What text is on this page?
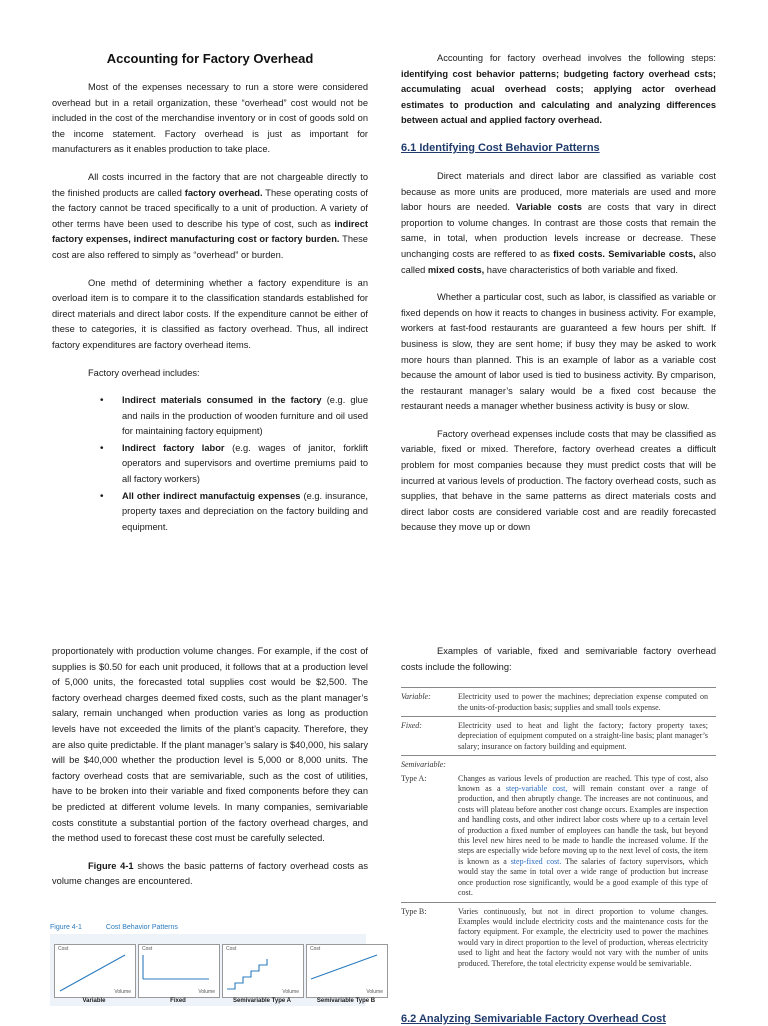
Accounting for Factory Overhead

Most of the expenses necessary to run a store were considered overhead but in a retail organization, these “overhead” cost would not be included in the cost of the merchandise inventory or in cost of goods sold on the income statement. Factory overhead is just as important for manufacturers as it enables production to take place.

All costs incurred in the factory that are not chargeable directly to the finished products are called factory overhead. These operating costs of the factory cannot be traced specifically to a unit of production. A variety of other terms have been used to describe his type of cost, such as indirect factory expenses, indirect manufacturing cost or factory burden. These cost are also reffered to simply as “overhead” or burden.

One methd of determining whether a factory expenditure is an overload item is to compare it to the classification standards established for direct materials and direct labor costs. If the expenditure cannot be either of these to categories, it is classified as factory overhead. Thus, all indirect factory expenditures are factory overhead items.

Factory overhead includes:
• Indirect materials consumed in the factory (e.g. glue and nails in the production of wooden furniture and oil used for maintaining factory equipment)
• Indirect factory labor (e.g. wages of janitor, forklift operators and supervisors and overtime premiums paid to all factory workers)
• All other indirect manufactuig expenses (e.g. insurance, property taxes and depreciation on the factory building and equipment.

Accounting for factory overhead involves the following steps: identifying cost behavior patterns; budgeting factory overhead csts; accumulating acual overhead costs; applying actor overhead estimates to production and calculating and analyzing differences between actual and applied factory overhead.

6.1 Identifying Cost Behavior Patterns

Direct materials and direct labor are classified as variable cost because as more units are produced, more materials are used and more labor hours are needed. Variable costs are costs that vary in direct proportion to volume changes. In contrast are those costs that remain the same, in total, when production levels increase or decrease. These unchanging costs are reffered to as fixed costs. Semivariable costs, also called mixed costs, have characteristics of both variable and fixed.

Whether a particular cost, such as labor, is classified as variable or fixed depends on how it reacts to changes in business activity. For example, workers at fast-food restaurants are guaranteed a few hours per shift. If business is slow, they are sent home; if busy they may be asked to work more hours than planned. This is an example of labor as a variable cost because the amount of labor used is tied to business activity. By cmparison, the restaurant manager’s salary would be a fixed cost because the restaurant needs a manager whether business activity is busy or slow.

Factory overhead expenses include costs that may be classified as variable, fixed or mixed. Therefore, factory overhead creates a difficult problem for most companies because they must predict costs that will be incurred at various levels of production. The factory overhead costs, such as supplies, that behave in the same patterns as direct materials costs and direct labor costs are considered variable cost and are readily forecasted because they move up or down

proportionately with production volume changes. For example, if the cost of supplies is $0.50 for each unit produced, it follows that at a production level of 5,000 units, the forecasted total supplies cost would be $2,500. The factory overhead charges deemed fixed costs, such as the plant manager’s salary, remain unchanged when production varies as long as production levels have not exceeded the limits of the plant’s capacity. Therefore, they are also quite predictable. If the plant manager’s salary is $40,000, his salary will be $40,000 whether the production level is 5,000 or 8,000 units. The factory overhead costs that are semivariable, such as the cost of utilities, have to be broken into their variable and fixed components before they can be predicted at different volume levels. In many companies, semivariable costs constitute a substantial portion of the factory overhead charges, and the method used to forecast these cost must be carefully selected.

Figure 4-1 shows the basic patterns of factory overhead costs as volume changes are encountered.

Figure 4-1	Cost Behavior Patterns
Cost
Volume
Cost
Volume
Cost
Volume
Cost
Volume
Variable	Fixed	Semivariable Type A	Semivariable Type B

Examples of variable, fixed and semivariable factory overhead costs include the following:

Variable:	Electricity used to power the machines; depreciation expense computed on the units-of-production basis; supplies and small tools expense.
Fixed:	Electricity used to heat and light the factory; factory property taxes; depreciation of equipment computed on a straight-line basis; plant manager’s salary; insurance on factory building and equipment.
Semivariable:
Type A:	Changes as various levels of production are reached. This type of cost, also known as a step-variable cost, will remain constant over a range of production, and then abruptly change. The increases are not continuous, and costs will plateau before another cost change occurs. Examples are inspection and handling costs, and other indirect labor costs where up to a certain level of production a fixed number of employees can handle the task, but beyond this level new hires need to be made to handle the increased volume. If the steps are especially wide before moving up to the next level of costs, the item is known as a step-fixed cost. The salaries of factory supervisors, which would stay the same in total over a wide range of production but increase once production rose significantly, would be a good example of this type of cost.
Type B:	Varies continuously, but not in direct proportion to volume changes. Examples would include electricity costs and the maintenance costs for the factory equipment. For example, the electricity used to power the machines would vary in direct proportion to the level of production, whereas electricity used to light and heat the factory would not vary with the number of units produced. Therefore, the total electricity expense would be semivariable.
6.2 Analyzing Semivariable Factory Overhead Cost
